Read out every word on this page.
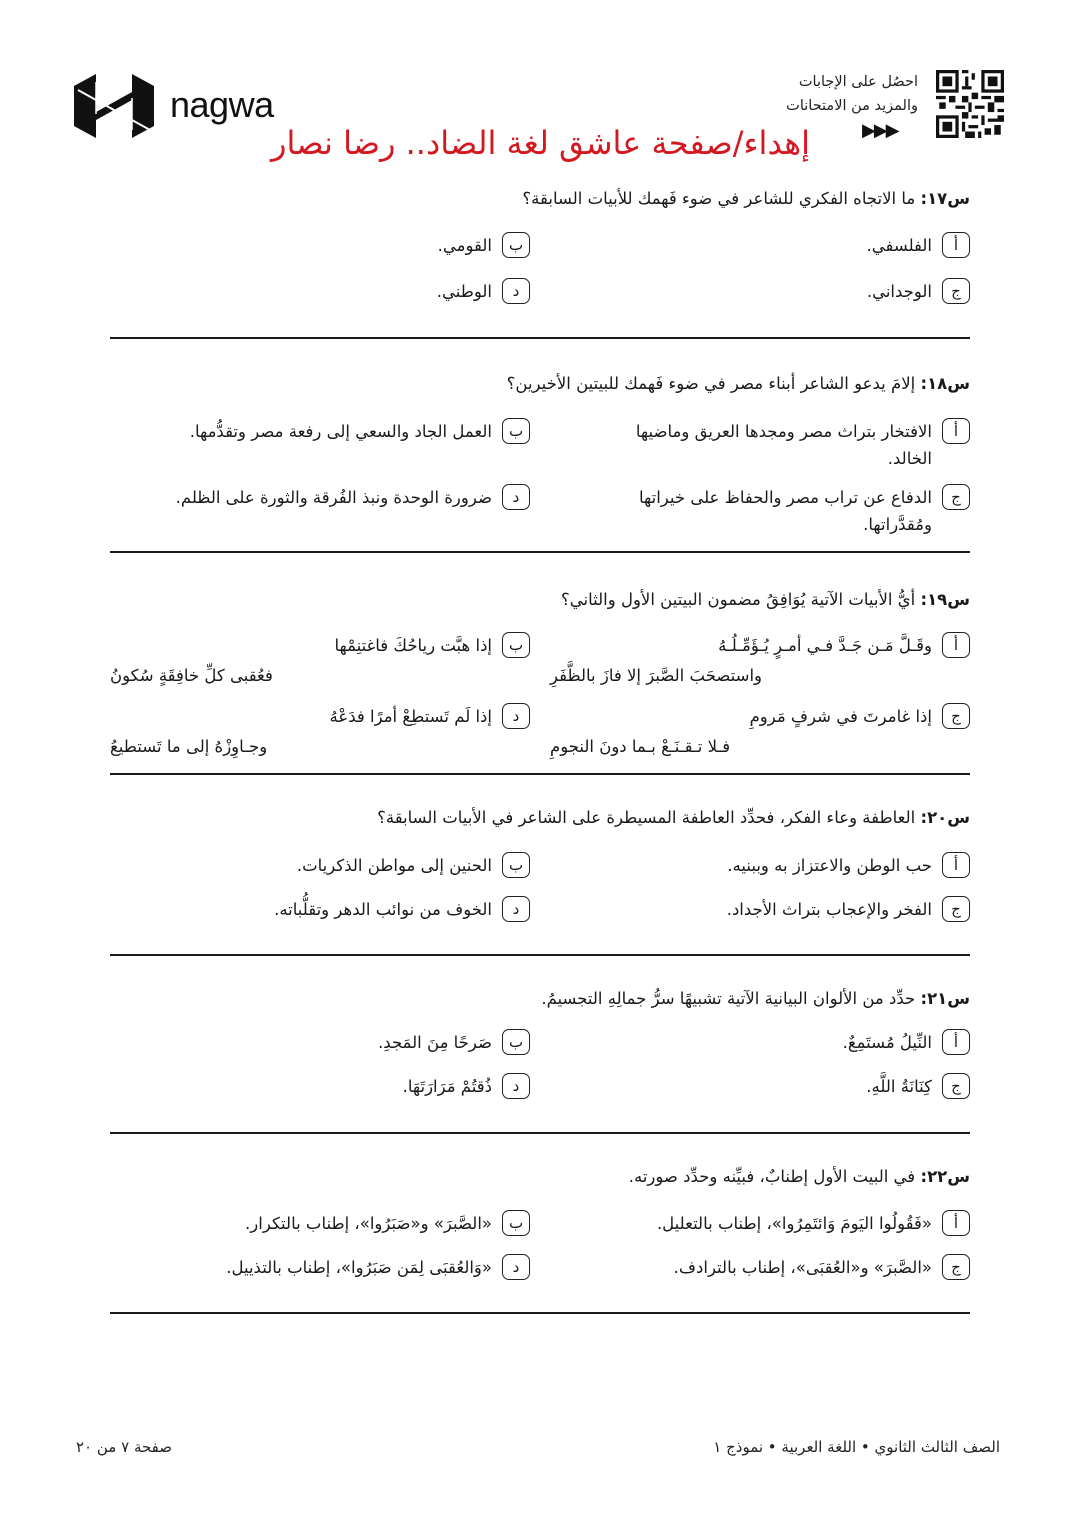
nagwa
احصُل على الإجابات
والمزيد من الامتحانات
▶▶▶
إهداء/صفحة عاشق لغة الضاد.. رضا نصار
س١٧: ما الاتجاه الفكري للشاعر في ضوء فَهمك للأبيات السابقة؟
أ
الفلسفي.
ب
القومي.
ج
الوجداني.
د
الوطني.
س١٨: إلامَ يدعو الشاعر أبناء مصر في ضوء فَهمك للبيتين الأخيرين؟
أ
الافتخار بتراث مصر ومجدها العريق وماضيها الخالد.
ب
العمل الجاد والسعي إلى رفعة مصر وتقدُّمها.
ج
الدفاع عن تراب مصر والحفاظ على خيراتها ومُقدَّراتها.
د
ضرورة الوحدة ونبذ الفُرقة والثورة على الظلم.
س١٩: أيُّ الأبيات الآتية يُوَافِقُ مضمون البيتين الأول والثاني؟
أ
وقَـلَّ مَـن جَـدَّ فـي أمـرٍ يُـؤَمِّـلُـهُ
واستصحَبَ الصَّبرَ إلا فازَ بالظَّفَرِ
ب
إذا هبَّت رياحُكَ فاغتنِمْها
فعُقبى كلِّ خافِقَةٍ سُكونُ
ج
إذا غامرتَ في شرفٍ مَرومِ
فـلا تـقـنَـعْ بـما دونَ النجومِ
د
إذا لَم تَستطِعْ أمرًا فدَعْهُ
وجـاوِزْهُ إلى ما تَستطيعُ
س٢٠: العاطفة وعاء الفكر، فحدِّد العاطفة المسيطرة على الشاعر في الأبيات السابقة؟
أ
حب الوطن والاعتزاز به وببنيه.
ب
الحنين إلى مواطن الذكريات.
ج
الفخر والإعجاب بتراث الأجداد.
د
الخوف من نوائب الدهر وتقلُّباته.
س٢١: حدِّد من الألوان البيانية الآتية تشبيهًا سرُّ جمالِهِ التجسيمُ.
أ
النِّيلُ مُستَمِعٌ.
ب
صَرحًا مِنَ المَجدِ.
ج
كِنَانَةُ اللَّهِ.
د
ذُقتُمْ مَرَارَتَهَا.
س٢٢: في البيت الأول إطنابٌ، فبيِّنه وحدِّد صورته.
أ
«فَقُولُوا اليَومَ وَائتَمِرُوا»، إطناب بالتعليل.
ب
«الصَّبرَ» و«صَبَرُوا»، إطناب بالتكرار.
ج
«الصَّبرَ» و«العُقبَى»، إطناب بالترادف.
د
«وَالعُقبَى لِمَن صَبَرُوا»، إطناب بالتذييل.
الصف الثالث الثانوي • اللغة العربية • نموذج ١
صفحة ٧ من ٢٠
